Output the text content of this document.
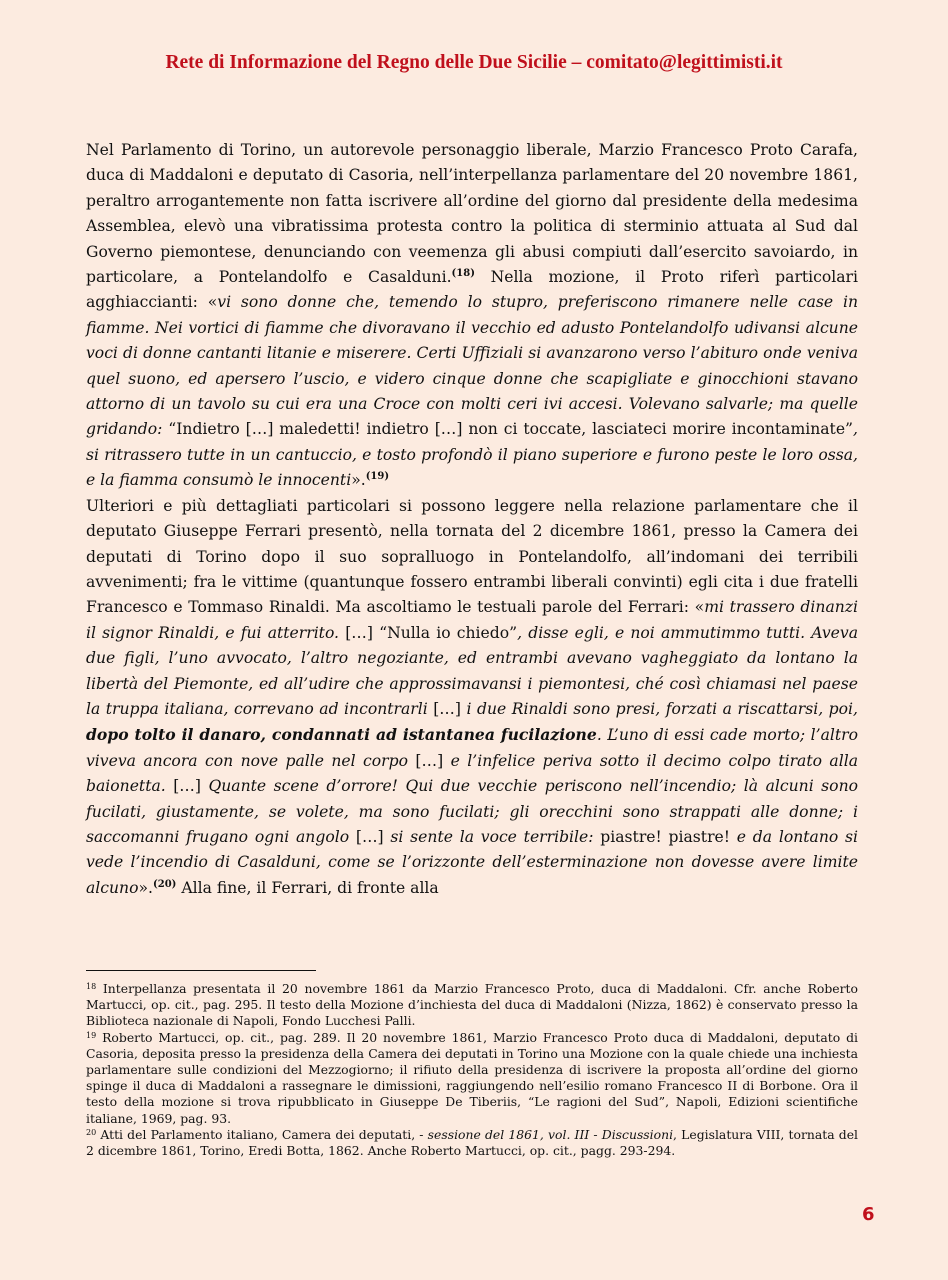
Rete di Informazione del Regno delle Due Sicilie – comitato@legittimisti.it

Nel Parlamento di Torino, un autorevole personaggio liberale, Marzio Francesco Proto Carafa, duca di Maddaloni e deputato di Casoria, nell’interpellanza parlamentare del 20 novembre 1861, peraltro arrogantemente non fatta iscrivere all’ordine del giorno dal presidente della medesima Assemblea, elevò una vibratissima protesta contro la politica di sterminio attuata al Sud dal Governo piemontese, denunciando con veemenza gli abusi compiuti dall’esercito savoiardo, in particolare, a Pontelandolfo e Casalduni.$^{(18)}$ Nella mozione, il Proto riferì particolari agghiaccianti: «vi sono donne che, temendo lo stupro, preferiscono rimanere nelle case in fiamme. Nei vortici di fiamme che divoravano il vecchio ed adusto Pontelandolfo udivansi alcune voci di donne cantanti litanie e miserere. Certi Uffiziali si avanzarono verso l’abituro onde veniva quel suono, ed apersero l’uscio, e videro cinque donne che scapigliate e ginocchioni stavano attorno di un tavolo su cui era una Croce con molti ceri ivi accesi. Volevano salvarle; ma quelle gridando: “Indietro […] maledetti! indietro […] non ci toccate, lasciateci morire incontaminate”, si ritrassero tutte in un cantuccio, e tosto profondò il piano superiore e furono peste le loro ossa, e la fiamma consumò le innocenti».$^{(19)}$

Ulteriori e più dettagliati particolari si possono leggere nella relazione parlamentare che il deputato Giuseppe Ferrari presentò, nella tornata del 2 dicembre 1861, presso la Camera dei deputati di Torino dopo il suo sopralluogo in Pontelandolfo, all’indomani dei terribili avvenimenti; fra le vittime (quantunque fossero entrambi liberali convinti) egli cita i due fratelli Francesco e Tommaso Rinaldi. Ma ascoltiamo le testuali parole del Ferrari: «mi trassero dinanzi il signor Rinaldi, e fui atterrito. […] “Nulla io chiedo”, disse egli, e noi ammutimmo tutti. Aveva due figli, l’uno avvocato, l’altro negoziante, ed entrambi avevano vagheggiato da lontano la libertà del Piemonte, ed all’udire che approssimavansi i piemontesi, ché così chiamasi nel paese la truppa italiana, correvano ad incontrarli […] i due Rinaldi sono presi, forzati a riscattarsi, poi, dopo tolto il danaro, condannati ad istantanea fucilazione. L’uno di essi cade morto; l’altro viveva ancora con nove palle nel corpo […] e l’infelice periva sotto il decimo colpo tirato alla baionetta. […] Quante scene d’orrore! Qui due vecchie periscono nell’incendio; là alcuni sono fucilati, giustamente, se volete, ma sono fucilati; gli orecchini sono strappati alle donne; i saccomanni frugano ogni angolo […] si sente la voce terribile: piastre! piastre! e da lontano si vede l’incendio di Casalduni, come se l’orizzonte dell’esterminazione non dovesse avere limite alcuno».$^{(20)}$ Alla fine, il Ferrari, di fronte alla

$^{18}$ Interpellanza presentata il 20 novembre 1861 da Marzio Francesco Proto, duca di Maddaloni. Cfr. anche Roberto Martucci, op. cit., pag. 295. Il testo della Mozione d’inchiesta del duca di Maddaloni (Nizza, 1862) è conservato presso la Biblioteca nazionale di Napoli, Fondo Lucchesi Palli.

$^{19}$ Roberto Martucci, op. cit., pag. 289. Il 20 novembre 1861, Marzio Francesco Proto duca di Maddaloni, deputato di Casoria, deposita presso la presidenza della Camera dei deputati in Torino una Mozione con la quale chiede una inchiesta parlamentare sulle condizioni del Mezzogiorno; il rifiuto della presidenza di iscrivere la proposta all’ordine del giorno spinge il duca di Maddaloni a rassegnare le dimissioni, raggiungendo nell’esilio romano Francesco II di Borbone. Ora il testo della mozione si trova ripubblicato in Giuseppe De Tiberiis, “Le ragioni del Sud”, Napoli, Edizioni scientifiche italiane, 1969, pag. 93.

$^{20}$ Atti del Parlamento italiano, Camera dei deputati, - sessione del 1861, vol. III - Discussioni, Legislatura VIII, tornata del 2 dicembre 1861, Torino, Eredi Botta, 1862. Anche Roberto Martucci, op. cit., pagg. 293-294.

6
